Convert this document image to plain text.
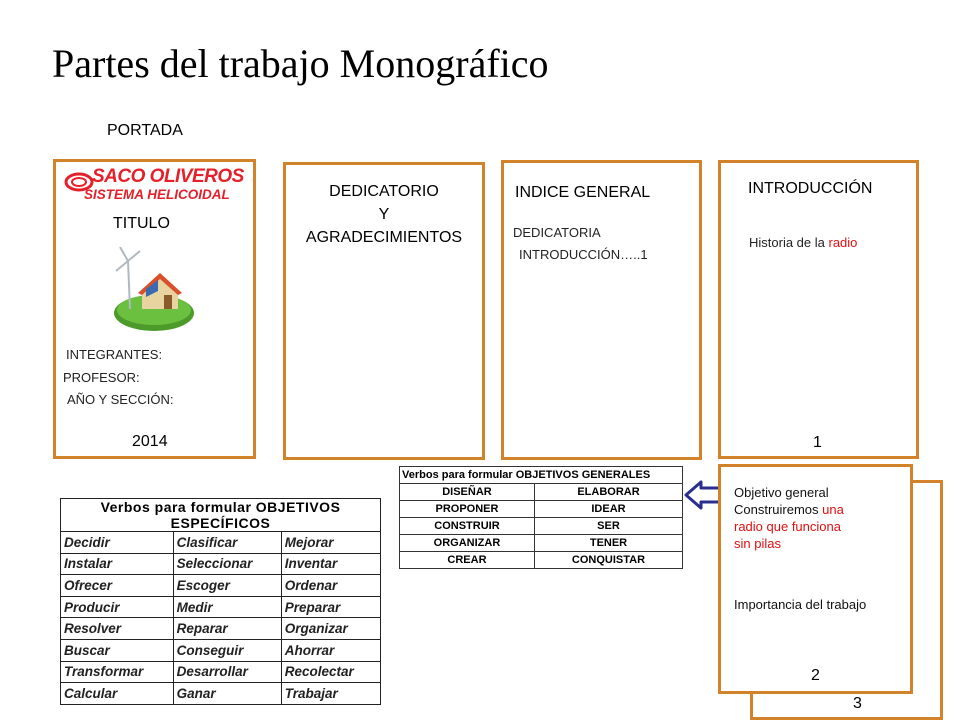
Partes del trabajo Monográfico
PORTADA
SACO OLIVEROS
SISTEMA HELICOIDAL
TITULO
INTEGRANTES:
PROFESOR:
AÑO Y SECCIÓN:
2014
DEDICATORIO
Y
AGRADECIMIENTOS
INDICE GENERAL
DEDICATORIA
INTRODUCCIÓN…..1
INTRODUCCIÓN
Historia de la radio
1
Verbos para formular OBJETIVOS GENERALES	
DISEÑAR	ELABORAR
PROPONER	IDEAR
CONSTRUIR	SER
ORGANIZAR	TENER
CREAR	CONQUISTAR
Verbos para formular OBJETIVOS ESPECÍFICOS		
Decidir	Clasificar	Mejorar
Instalar	Seleccionar	Inventar
Ofrecer	Escoger	Ordenar
Producir	Medir	Preparar
Resolver	Reparar	Organizar
Buscar	Conseguir	Ahorrar
Transformar	Desarrollar	Recolectar
Calcular	Ganar	Trabajar
3
Objetivo general
Construiremos una
radio que funciona
sin pilas
Importancia del trabajo
2
